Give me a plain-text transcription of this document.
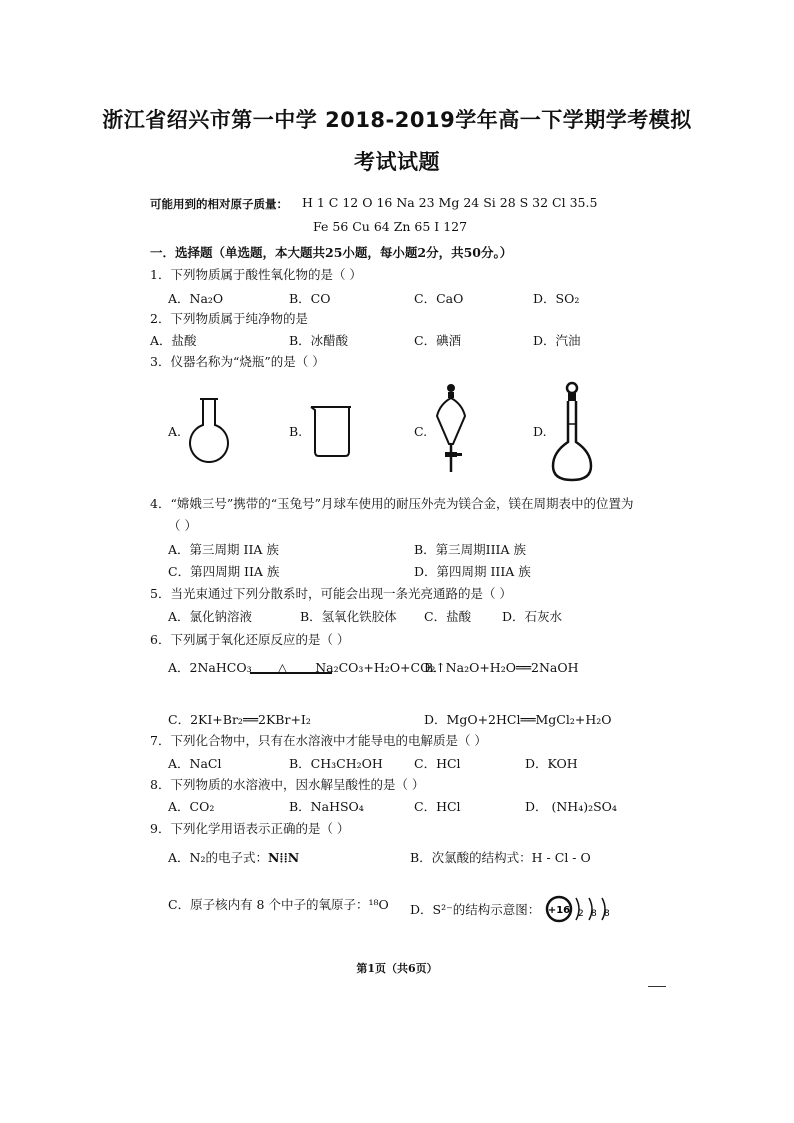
浙江省绍兴市第一中学 2018-2019学年高一下学期学考模拟
考试试题
可能用到的相对原子质量： H 1 C 12 O 16 Na 23 Mg 24 Si 28 S 32 Cl 35.5
Fe 56 Cu 64 Zn 65 I 127
一．选择题（单选题，本大题共25小题，每小题2分，共50分。）
1．下列物质属于酸性氧化物的是（ ）
A．Na₂O	B．CO	C．CaO	D．SO₂
2．下列物质属于纯净物的是
A．盐酸	B．冰醋酸	C．碘酒	D．汽油
3．仪器名称为“烧瓶”的是（ ）
A.	B.	C.	D.
4．“嫦娥三号”携带的“玉兔号”月球车使用的耐压外壳为镁合金，镁在周期表中的位置为
（ ）
A．第三周期 IIA 族	B．第三周期IIIA 族
C．第四周期 IIA 族	D．第四周期 IIIA 族
5．当光束通过下列分散系时，可能会出现一条光亮通路的是（ ）
A．氯化钠溶液	B．氢氧化铁胶体 C．盐酸 D．石灰水
6．下列属于氧化还原反应的是（ ）
A．2NaHCO₃ △ Na₂CO₃+H₂O+CO₂↑
B．Na₂O+H₂O══2NaOH
C．2KI+Br₂══2KBr+I₂	D．MgO+2HCl══MgCl₂+H₂O
7．下列化合物中，只有在水溶液中才能导电的电解质是（ ）
A．NaCl	B．CH₃CH₂OH C．HCl	D．KOH
8．下列物质的水溶液中，因水解呈酸性的是（ ）
A．CO₂	B．NaHSO₄	C．HCl	D． (NH₄)₂SO₄
9．下列化学用语表示正确的是（ ）
A．N₂的电子式：N⁞⁞N	B．次氯酸的结构式：H - Cl - O
C．原子核内有 8 个中子的氧原子：¹⁸O D．S²⁻的结构示意图： +16 2 8 8
第1页（共6页）
